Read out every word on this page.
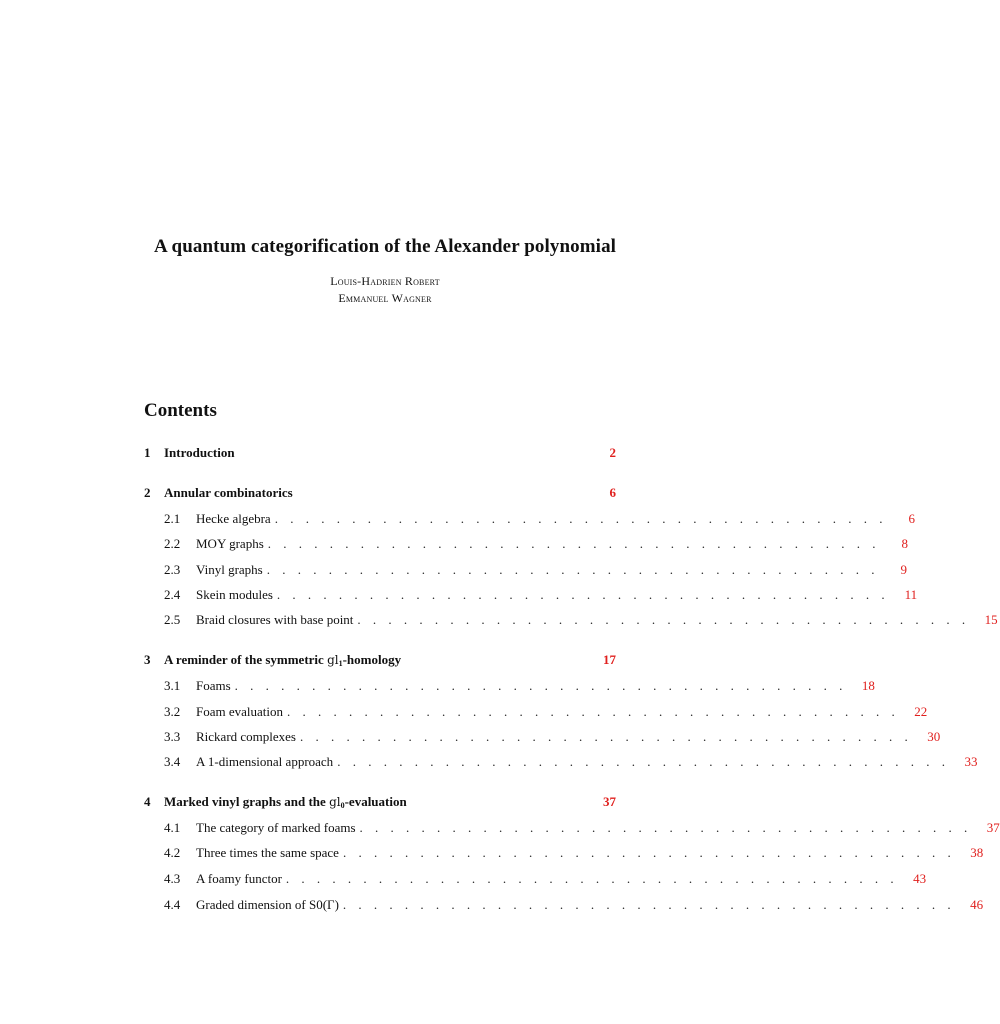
A quantum categorification of the Alexander polynomial
Louis-Hadrien Robert
Emmanuel Wagner
Contents
1	Introduction	2
2	Annular combinatorics	6
2.1	Hecke algebra . . . . . . . . . . . . . . . . . . . . . . . . . . . . . . . . . . . . . . . .	6
2.2	MOY graphs . . . . . . . . . . . . . . . . . . . . . . . . . . . . . . . . . . . . . . . .	8
2.3	Vinyl graphs . . . . . . . . . . . . . . . . . . . . . . . . . . . . . . . . . . . . . . . .	9
2.4	Skein modules . . . . . . . . . . . . . . . . . . . . . . . . . . . . . . . . . . . . . . . .	11
2.5	Braid closures with base point . . . . . . . . . . . . . . . . . . . . . . . . . . . . . . . . . . . . . . . .	15
3	A reminder of the symmetric $gl_1$-homology	17
3.1	Foams . . . . . . . . . . . . . . . . . . . . . . . . . . . . . . . . . . . . . . . .	18
3.2	Foam evaluation . . . . . . . . . . . . . . . . . . . . . . . . . . . . . . . . . . . . . . . .	22
3.3	Rickard complexes . . . . . . . . . . . . . . . . . . . . . . . . . . . . . . . . . . . . . . . .	30
3.4	A 1-dimensional approach . . . . . . . . . . . . . . . . . . . . . . . . . . . . . . . . . . . . . . . .	33
4	Marked vinyl graphs and the $gl_0$-evaluation	37
4.1	The category of marked foams . . . . . . . . . . . . . . . . . . . . . . . . . . . . . . . . . . . . . . . .	37
4.2	Three times the same space . . . . . . . . . . . . . . . . . . . . . . . . . . . . . . . . . . . . . . . .	38
4.3	A foamy functor . . . . . . . . . . . . . . . . . . . . . . . . . . . . . . . . . . . . . . . .	43
4.4	Graded dimension of S0(Γ) . . . . . . . . . . . . . . . . . . . . . . . . . . . . . . . . . . . . . . . .	46
